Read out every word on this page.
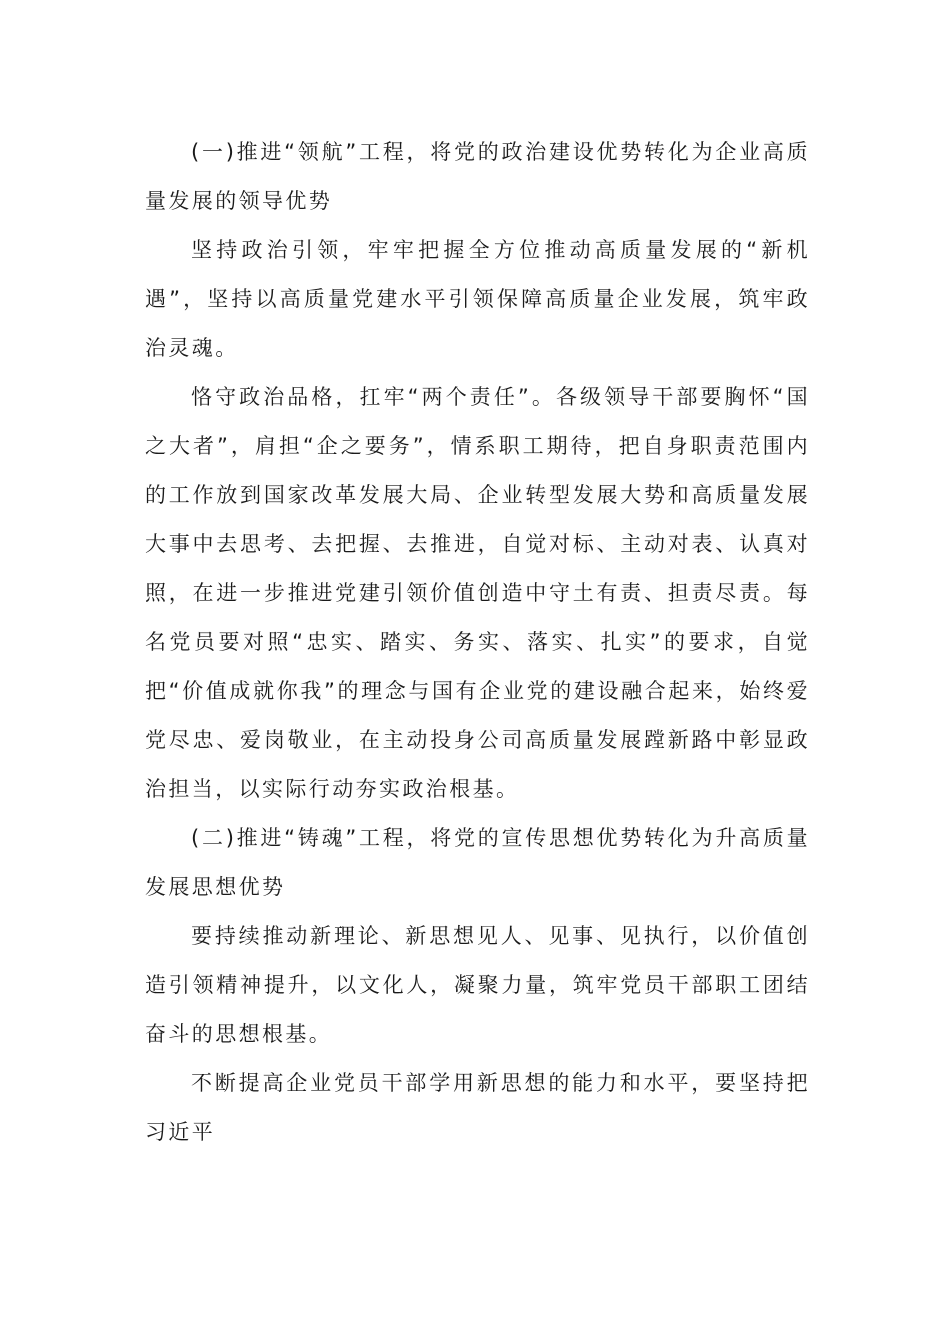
(一)推进“领航”工程，将党的政治建设优势转化为企业高质量发展的领导优势

坚持政治引领，牢牢把握全方位推动高质量发展的“新机遇”，坚持以高质量党建水平引领保障高质量企业发展，筑牢政治灵魂。

恪守政治品格，扛牢“两个责任”。各级领导干部要胸怀“国之大者”，肩担“企之要务”，情系职工期待，把自身职责范围内的工作放到国家改革发展大局、企业转型发展大势和高质量发展大事中去思考、去把握、去推进，自觉对标、主动对表、认真对照，在进一步推进党建引领价值创造中守土有责、担责尽责。每名党员要对照“忠实、踏实、务实、落实、扎实”的要求，自觉把“价值成就你我”的理念与国有企业党的建设融合起来，始终爱党尽忠、爱岗敬业，在主动投身公司高质量发展蹚新路中彰显政治担当，以实际行动夯实政治根基。

(二)推进“铸魂”工程，将党的宣传思想优势转化为升高质量发展思想优势

要持续推动新理论、新思想见人、见事、见执行，以价值创造引领精神提升，以文化人，凝聚力量，筑牢党员干部职工团结奋斗的思想根基。

不断提高企业党员干部学用新思想的能力和水平，要坚持把习近平
